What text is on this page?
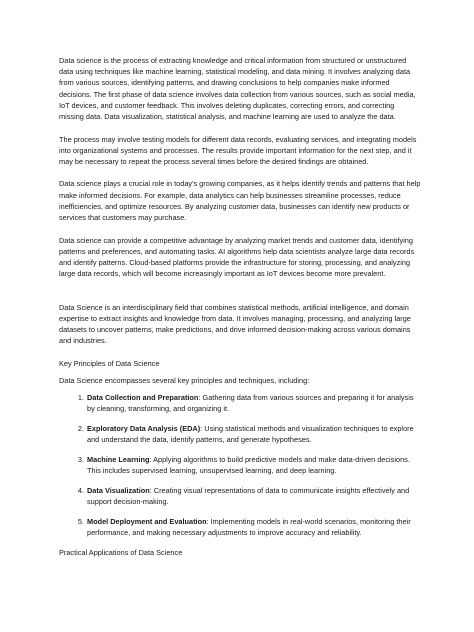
Data science is the process of extracting knowledge and critical information from structured or unstructured data using techniques like machine learning, statistical modeling, and data mining. It involves analyzing data from various sources, identifying patterns, and drawing conclusions to help companies make informed decisions. The first phase of data science involves data collection from various sources, such as social media, IoT devices, and customer feedback. This involves deleting duplicates, correcting errors, and correcting missing data. Data visualization, statistical analysis, and machine learning are used to analyze the data.

The process may involve testing models for different data records, evaluating services, and integrating models into organizational systems and processes. The results provide important information for the next step, and it may be necessary to repeat the process several times before the desired findings are obtained.

Data science plays a crucial role in today's growing companies, as it helps identify trends and patterns that help make informed decisions. For example, data analytics can help businesses streamline processes, reduce inefficiencies, and optimize resources. By analyzing customer data, businesses can identify new products or services that customers may purchase.

Data science can provide a competitive advantage by analyzing market trends and customer data, identifying patterns and preferences, and automating tasks. AI algorithms help data scientists analyze large data records and identify patterns. Cloud-based platforms provide the infrastructure for storing, processing, and analyzing large data records, which will become increasingly important as IoT devices become more prevalent.

Data Science is an interdisciplinary field that combines statistical methods, artificial intelligence, and domain expertise to extract insights and knowledge from data. It involves managing, processing, and analyzing large datasets to uncover patterns, make predictions, and drive informed decision-making across various domains and industries.

Key Principles of Data Science

Data Science encompasses several key principles and techniques, including:

1. Data Collection and Preparation: Gathering data from various sources and preparing it for analysis by cleaning, transforming, and organizing it.
2. Exploratory Data Analysis (EDA): Using statistical methods and visualization techniques to explore and understand the data, identify patterns, and generate hypotheses.
3. Machine Learning: Applying algorithms to build predictive models and make data-driven decisions. This includes supervised learning, unsupervised learning, and deep learning.
4. Data Visualization: Creating visual representations of data to communicate insights effectively and support decision-making.
5. Model Deployment and Evaluation: Implementing models in real-world scenarios, monitoring their performance, and making necessary adjustments to improve accuracy and reliability.

Practical Applications of Data Science
